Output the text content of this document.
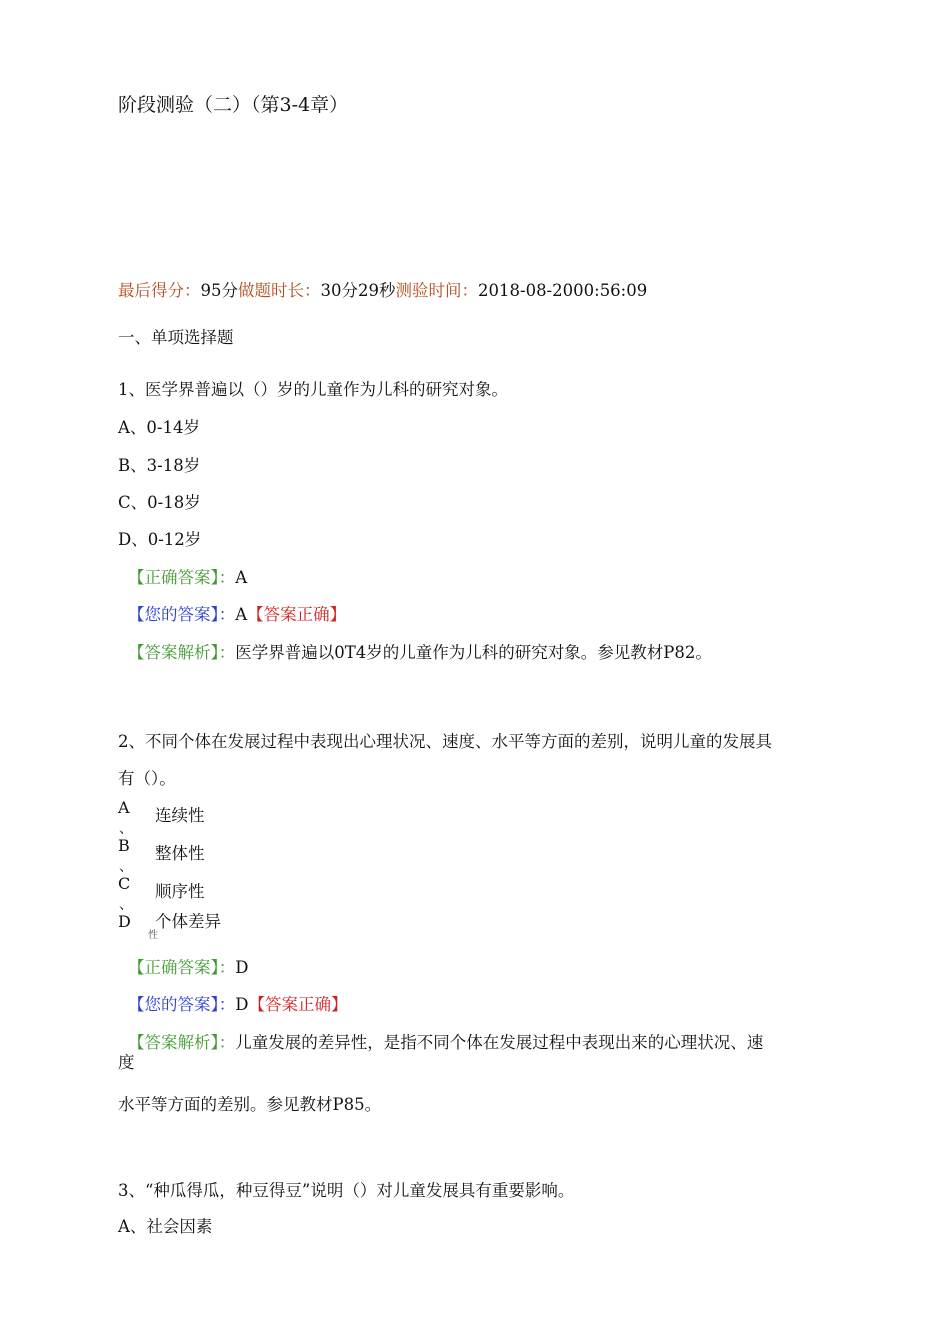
阶段测验（二）（第3-4章）
最后得分：95分做题时长：30分29秒测验时间：2018-08-2000:56:09
一、单项选择题
1、医学界普遍以（）岁的儿童作为儿科的研究对象。
A、0-14岁
B、3-18岁
C、0-18岁
D、0-12岁
【正确答案】：A
【您的答案】：A【答案正确】
【答案解析】：医学界普遍以0T4岁的儿童作为儿科的研究对象。参见教材P82。
2、不同个体在发展过程中表现出心理状况、速度、水平等方面的差别，说明儿童的发展具
有（）。
A
、
连续性
B
、
整体性
C
、
顺序性
D 个体差异
性
【正确答案】：D
【您的答案】：D【答案正确】
【答案解析】：儿童发展的差异性，是指不同个体在发展过程中表现出来的心理状况、速
度
水平等方面的差别。参见教材P85。
3、“种瓜得瓜，种豆得豆”说明（）对儿童发展具有重要影响。
A、社会因素
